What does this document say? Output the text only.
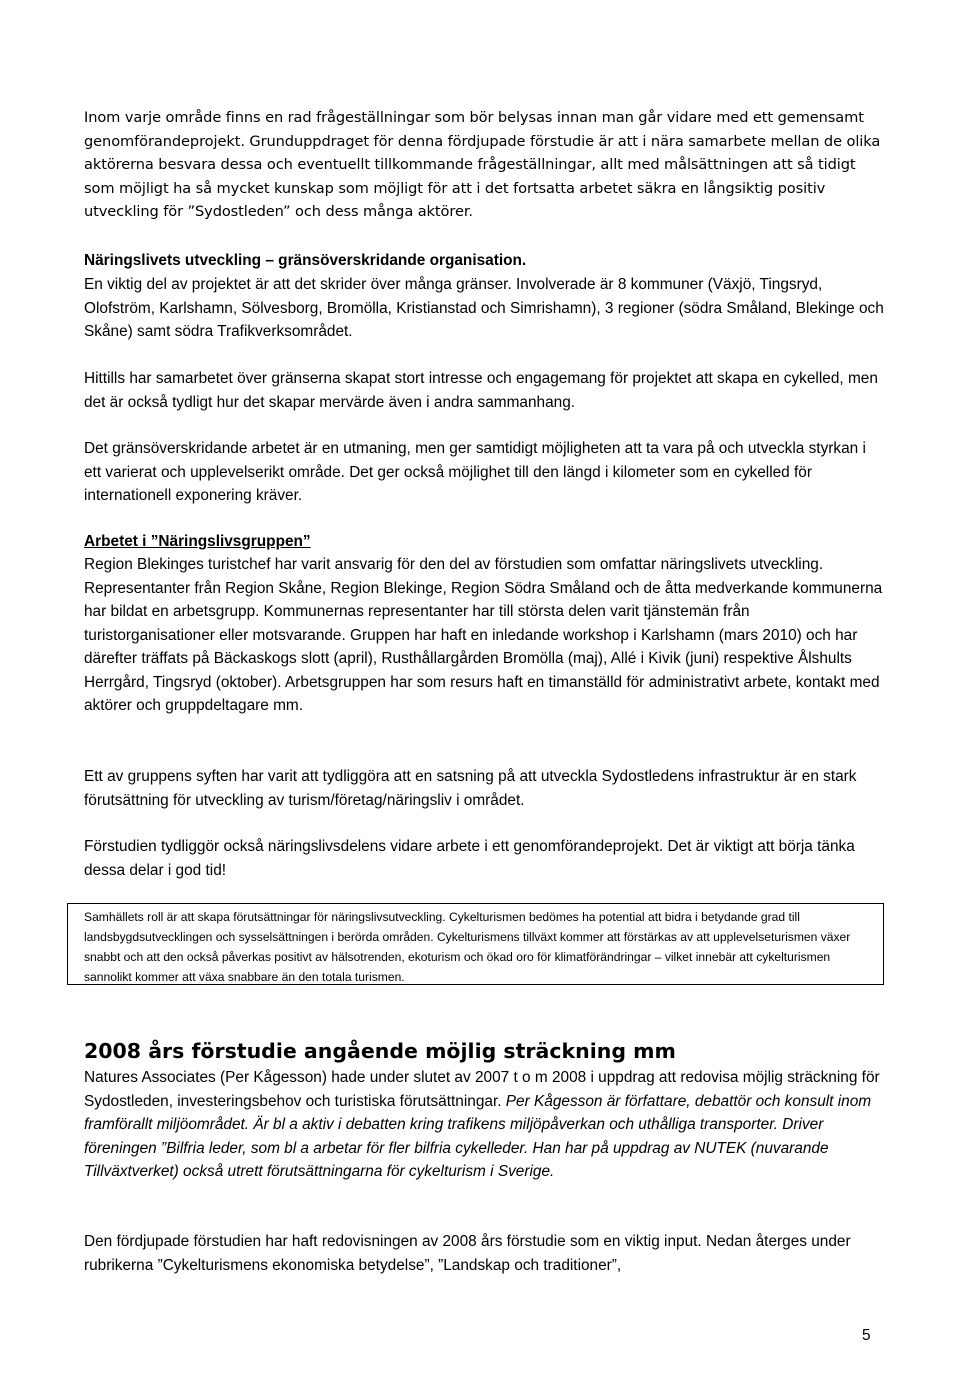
Inom varje område finns en rad frågeställningar som bör belysas innan man går vidare med ett gemensamt genomförandeprojekt. Grunduppdraget för denna fördjupade förstudie är att i nära samarbete mellan de olika aktörerna besvara dessa och eventuellt tillkommande frågeställningar, allt med målsättningen att så tidigt som möjligt ha så mycket kunskap som möjligt för att i det fortsatta arbetet säkra en långsiktig positiv utveckling för ”Sydostleden” och dess många aktörer.

Näringslivets utveckling – gränsöverskridande organisation.

En viktig del av projektet är att det skrider över många gränser. Involverade är 8 kommuner (Växjö, Tingsryd, Olofström, Karlshamn, Sölvesborg, Bromölla, Kristianstad och Simrishamn), 3 regioner (södra Småland, Blekinge och Skåne) samt södra Trafikverksområdet.

Hittills har samarbetet över gränserna skapat stort intresse och engagemang för projektet att skapa en cykelled, men det är också tydligt hur det skapar mervärde även i andra sammanhang.

Det gränsöverskridande arbetet är en utmaning, men ger samtidigt möjligheten att ta vara på och utveckla styrkan i ett varierat och upplevelserikt område. Det ger också möjlighet till den längd i kilometer som en cykelled för internationell exponering kräver.

Arbetet i ”Näringslivsgruppen”

Region Blekinges turistchef har varit ansvarig för den del av förstudien som omfattar näringslivets utveckling. Representanter från Region Skåne, Region Blekinge, Region Södra Småland och de åtta medverkande kommunerna har bildat en arbetsgrupp. Kommunernas representanter har till största delen varit tjänstemän från turistorganisationer eller motsvarande. Gruppen har haft en inledande workshop i Karlshamn (mars 2010) och har därefter träffats på Bäckaskogs slott (april), Rusthållargården Bromölla (maj), Allé i Kivik (juni) respektive Ålshults Herrgård, Tingsryd (oktober). Arbetsgruppen har som resurs haft en timanställd för administrativt arbete, kontakt med aktörer och gruppdeltagare mm.

Ett av gruppens syften har varit att tydliggöra att en satsning på att utveckla Sydostledens infrastruktur är en stark förutsättning för utveckling av turism/företag/näringsliv i området.

Förstudien tydliggör också näringslivsdelens vidare arbete i ett genomförandeprojekt. Det är viktigt att börja tänka dessa delar i god tid!

Samhällets roll är att skapa förutsättningar för näringslivsutveckling. Cykelturismen bedömes ha potential att bidra i betydande grad till landsbygdsutvecklingen och sysselsättningen i berörda områden. Cykelturismens tillväxt kommer att förstärkas av att upplevelseturismen växer snabbt och att den också påverkas positivt av hälsotrenden, ekoturism och ökad oro för klimatförändringar – vilket innebär att cykelturismen sannolikt kommer att växa snabbare än den totala turismen.
2008 års förstudie angående möjlig sträckning mm

Natures Associates (Per Kågesson) hade under slutet av 2007 t o m 2008 i uppdrag att redovisa möjlig sträckning för Sydostleden, investeringsbehov och turistiska förutsättningar. Per Kågesson är författare, debattör och konsult inom framförallt miljöområdet. Är bl a aktiv i debatten kring trafikens miljöpåverkan och uthålliga transporter. Driver föreningen ”Bilfria leder, som bl a arbetar för fler bilfria cykelleder. Han har på uppdrag av NUTEK (nuvarande Tillväxtverket) också utrett förutsättningarna för cykelturism i Sverige.

Den fördjupade förstudien har haft redovisningen av 2008 års förstudie som en viktig input. Nedan återges under rubrikerna ”Cykelturismens ekonomiska betydelse”, ”Landskap och traditioner”,

5
